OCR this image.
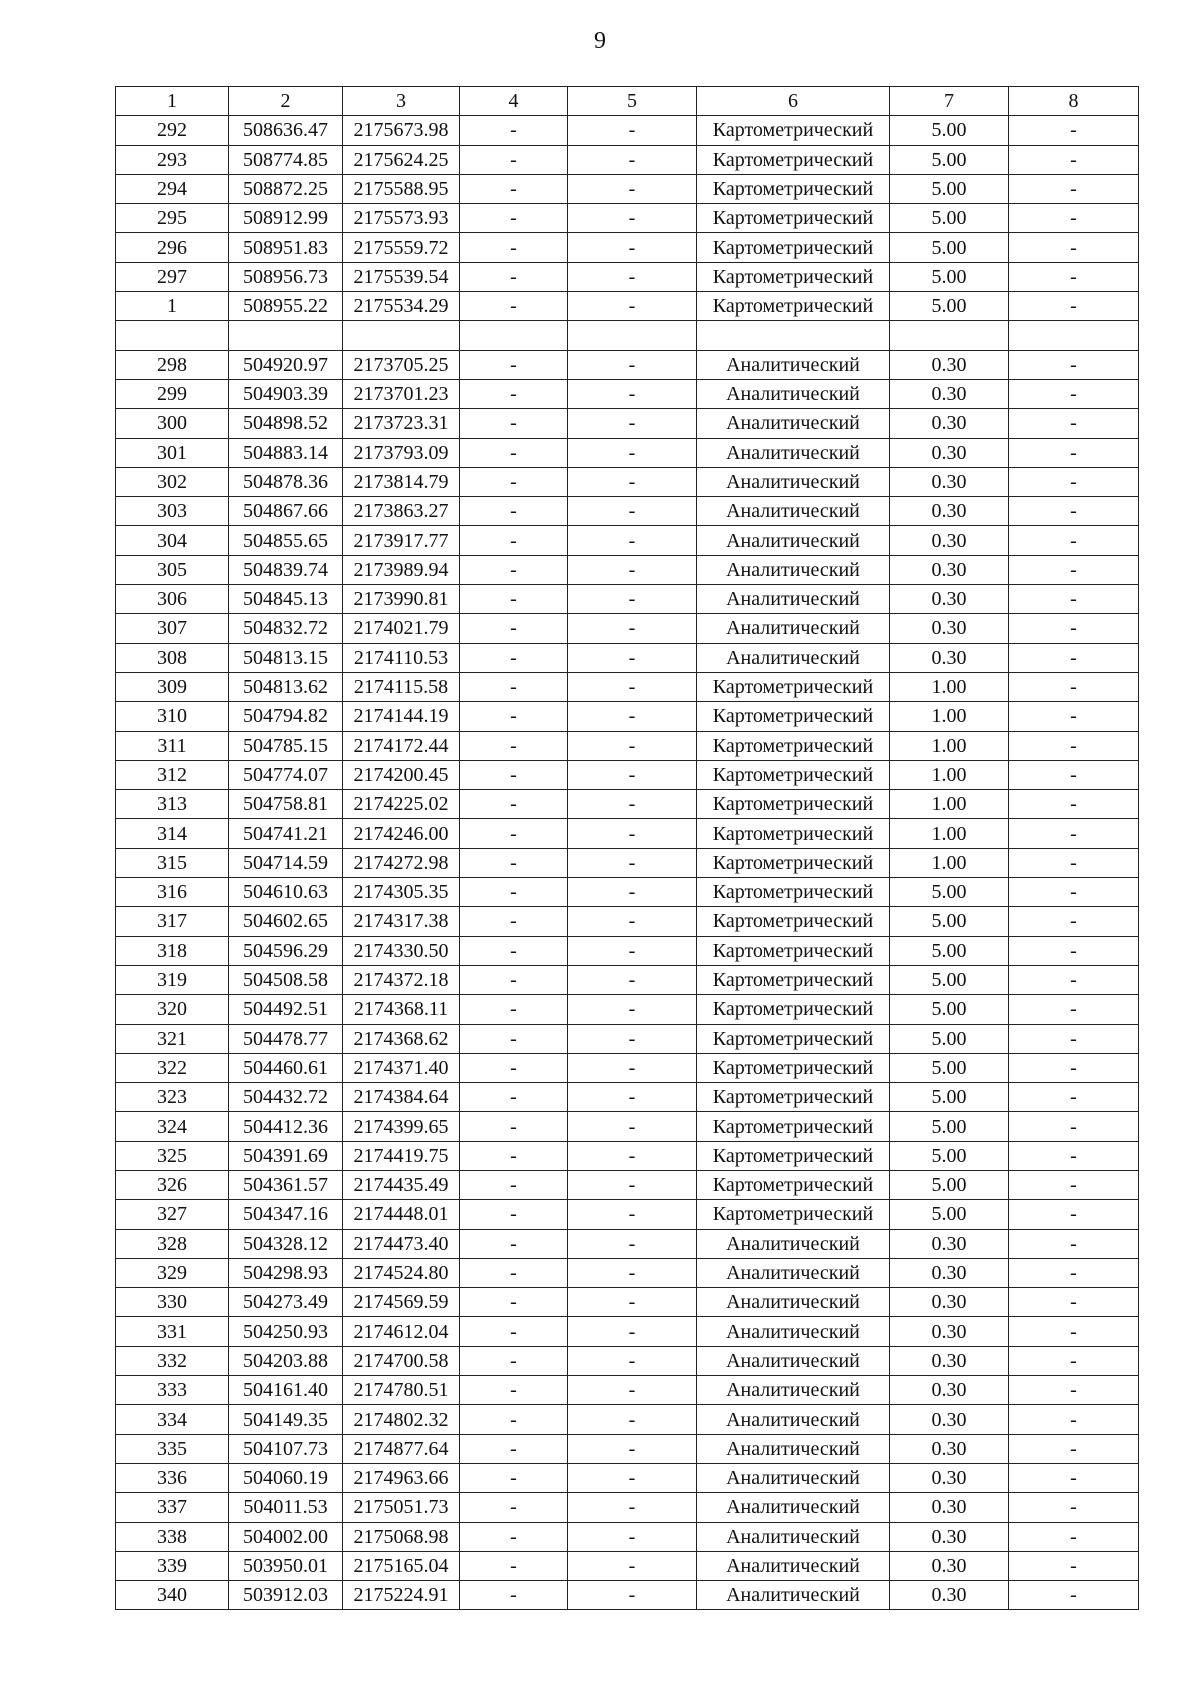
9
1	2	3	4	5	6	7	8
292	508636.47	2175673.98	-	-	Картометрический	5.00	-
293	508774.85	2175624.25	-	-	Картометрический	5.00	-
294	508872.25	2175588.95	-	-	Картометрический	5.00	-
295	508912.99	2175573.93	-	-	Картометрический	5.00	-
296	508951.83	2175559.72	-	-	Картометрический	5.00	-
297	508956.73	2175539.54	-	-	Картометрический	5.00	-
1	508955.22	2175534.29	-	-	Картометрический	5.00	-

298	504920.97	2173705.25	-	-	Аналитический	0.30	-
299	504903.39	2173701.23	-	-	Аналитический	0.30	-
300	504898.52	2173723.31	-	-	Аналитический	0.30	-
301	504883.14	2173793.09	-	-	Аналитический	0.30	-
302	504878.36	2173814.79	-	-	Аналитический	0.30	-
303	504867.66	2173863.27	-	-	Аналитический	0.30	-
304	504855.65	2173917.77	-	-	Аналитический	0.30	-
305	504839.74	2173989.94	-	-	Аналитический	0.30	-
306	504845.13	2173990.81	-	-	Аналитический	0.30	-
307	504832.72	2174021.79	-	-	Аналитический	0.30	-
308	504813.15	2174110.53	-	-	Аналитический	0.30	-
309	504813.62	2174115.58	-	-	Картометрический	1.00	-
310	504794.82	2174144.19	-	-	Картометрический	1.00	-
311	504785.15	2174172.44	-	-	Картометрический	1.00	-
312	504774.07	2174200.45	-	-	Картометрический	1.00	-
313	504758.81	2174225.02	-	-	Картометрический	1.00	-
314	504741.21	2174246.00	-	-	Картометрический	1.00	-
315	504714.59	2174272.98	-	-	Картометрический	1.00	-
316	504610.63	2174305.35	-	-	Картометрический	5.00	-
317	504602.65	2174317.38	-	-	Картометрический	5.00	-
318	504596.29	2174330.50	-	-	Картометрический	5.00	-
319	504508.58	2174372.18	-	-	Картометрический	5.00	-
320	504492.51	2174368.11	-	-	Картометрический	5.00	-
321	504478.77	2174368.62	-	-	Картометрический	5.00	-
322	504460.61	2174371.40	-	-	Картометрический	5.00	-
323	504432.72	2174384.64	-	-	Картометрический	5.00	-
324	504412.36	2174399.65	-	-	Картометрический	5.00	-
325	504391.69	2174419.75	-	-	Картометрический	5.00	-
326	504361.57	2174435.49	-	-	Картометрический	5.00	-
327	504347.16	2174448.01	-	-	Картометрический	5.00	-
328	504328.12	2174473.40	-	-	Аналитический	0.30	-
329	504298.93	2174524.80	-	-	Аналитический	0.30	-
330	504273.49	2174569.59	-	-	Аналитический	0.30	-
331	504250.93	2174612.04	-	-	Аналитический	0.30	-
332	504203.88	2174700.58	-	-	Аналитический	0.30	-
333	504161.40	2174780.51	-	-	Аналитический	0.30	-
334	504149.35	2174802.32	-	-	Аналитический	0.30	-
335	504107.73	2174877.64	-	-	Аналитический	0.30	-
336	504060.19	2174963.66	-	-	Аналитический	0.30	-
337	504011.53	2175051.73	-	-	Аналитический	0.30	-
338	504002.00	2175068.98	-	-	Аналитический	0.30	-
339	503950.01	2175165.04	-	-	Аналитический	0.30	-
340	503912.03	2175224.91	-	-	Аналитический	0.30	-
